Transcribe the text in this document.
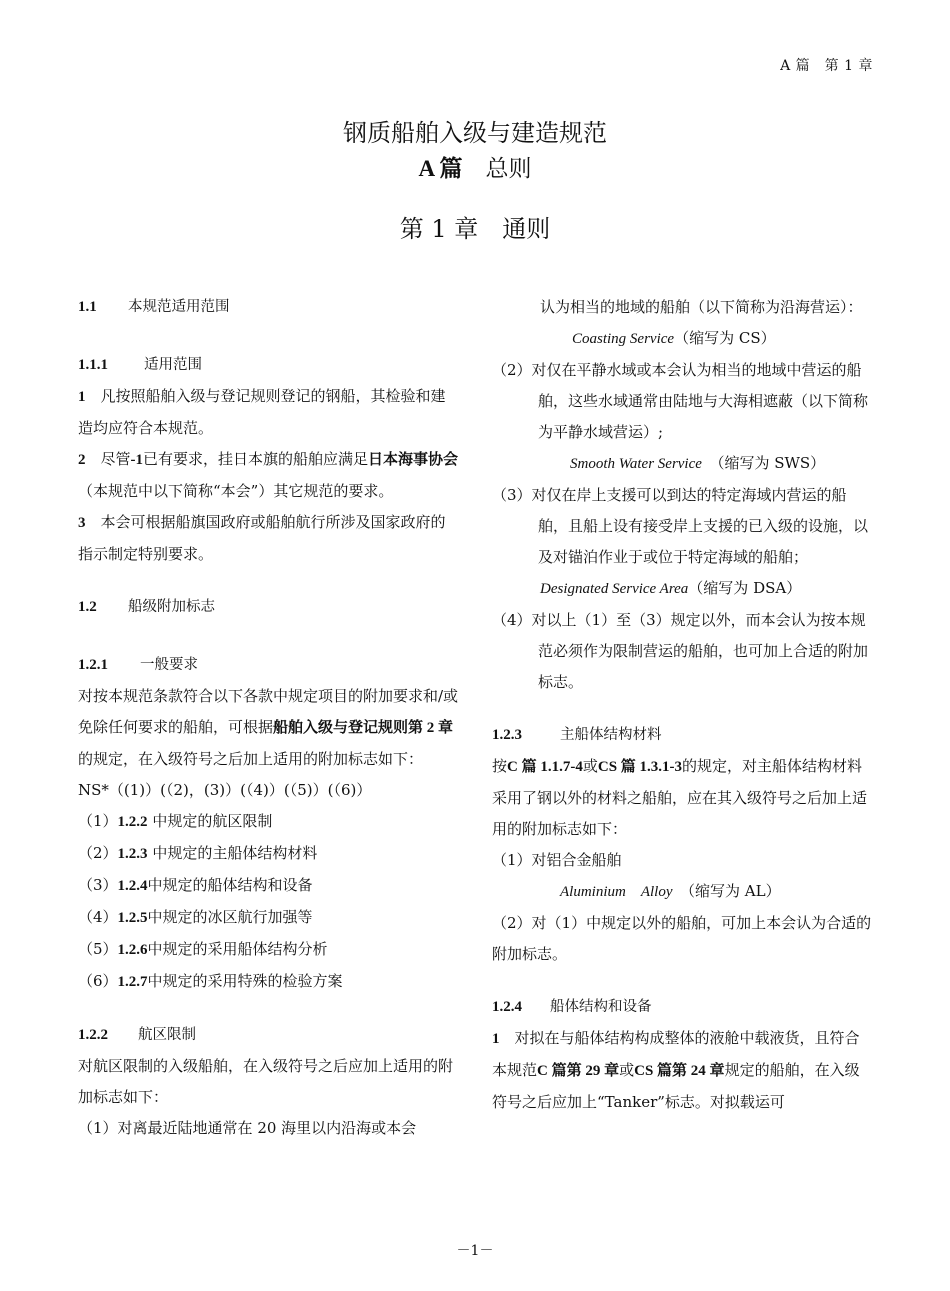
A 篇　第 1 章
钢质船舶入级与建造规范
A 篇　 总则
第 1 章　通则
1.1 本规范适用范围
1.1.1 适用范围

1　 凡按照船舶入级与登记规则登记的钢船，其检验和建造均应符合本规范。

2　 尽管-1已有要求，挂日本旗的船舶应满足日本海事协会（本规范中以下简称“本会”）其它规范的要求。

3　 本会可根据船旗国政府或船舶航行所涉及国家政府的指示制定特别要求。

1.2 船级附加标志
1.2.1 一般要求

对按本规范条款符合以下各款中规定项目的附加要求和/或免除任何要求的船舶，可根据船舶入级与登记规则第 2 章的规定，在入级符号之后加上适用的附加标志如下：

NS*（(1)）(（2)，(3)）(（4)）(（5)）(（6)）

（1）1.2.2 中规定的航区限制
（2）1.2.3 中规定的主船体结构材料
（3）1.2.4中规定的船体结构和设备
（4）1.2.5中规定的冰区航行加强等
（5）1.2.6中规定的采用船体结构分析
（6）1.2.7中规定的采用特殊的检验方案
1.2.2 航区限制

对航区限制的入级船舶，在入级符号之后应加上适用的附加标志如下：

（1）对离最近陆地通常在 20 海里以内沿海或本会
认为相当的地域的船舶（以下简称为沿海营运）：
Coasting Service（缩写为 CS）
（2）对仅在平静水域或本会认为相当的地域中营运的船舶，这些水域通常由陆地与大海相遮蔽（以下简称为平静水域营运）;
Smooth Water Service　 （缩写为 SWS）
（3）对仅在岸上支援可以到达的特定海域内营运的船舶，且船上设有接受岸上支援的已入级的设施，以及对锚泊作业于或位于特定海域的船舶；
Designated Service Area（缩写为 DSA）
（4）对以上（1）至（3）规定以外，而本会认为按本规范必须作为限制营运的船舶，也可加上合适的附加标志。
1.2.3	主船体结构材料

按C 篇 1.1.7-4或CS 篇 1.3.1-3的规定，对主船体结构材料采用了钢以外的材料之船舶，应在其入级符号之后加上适用的附加标志如下：

（1）对铝合金船舶
Aluminium　Alloy　 （缩写为 AL）

（2）对（1）中规定以外的船舶，可加上本会认为合适的附加标志。

1.2.4 船体结构和设备

1　 对拟在与船体结构构成整体的液舱中载液货，且符合本规范C 篇第 29 章或CS 篇第 24 章规定的船舶，在入级符号之后应加上“Tanker”标志。对拟载运可

－1－
